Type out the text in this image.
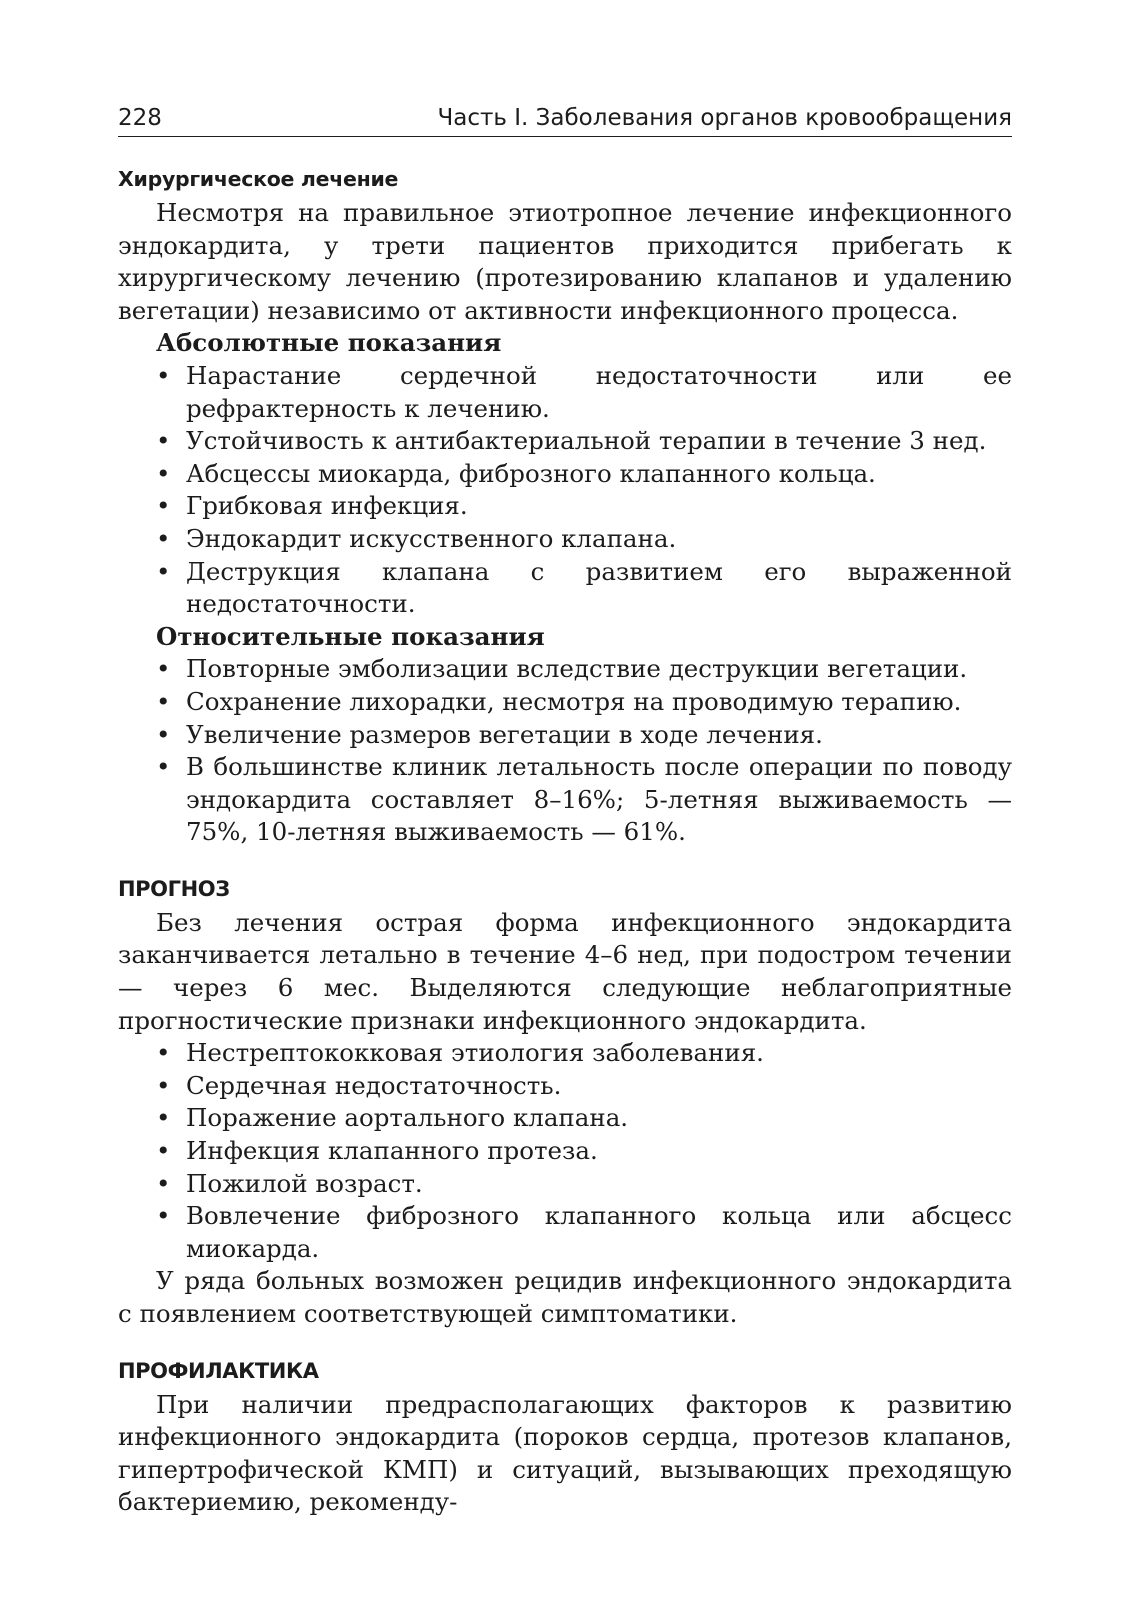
228	Часть I. Заболевания органов кровообращения
Хирургическое лечение

Несмотря на правильное этиотропное лечение инфекционного эндокардита, у трети пациентов приходится прибегать к хирургическому лечению (протезированию клапанов и удалению вегетации) независимо от активности инфекционного процесса.

Абсолютные показания
• Нарастание сердечной недостаточности или ее рефрактерность к лечению.
• Устойчивость к антибактериальной терапии в течение 3 нед.
• Абсцессы миокарда, фиброзного клапанного кольца.
• Грибковая инфекция.
• Эндокардит искусственного клапана.
• Деструкция клапана с развитием его выраженной недостаточности.
Относительные показания
• Повторные эмболизации вследствие деструкции вегетации.
• Сохранение лихорадки, несмотря на проводимую терапию.
• Увеличение размеров вегетации в ходе лечения.
• В большинстве клиник летальность после операции по поводу эндокардита составляет 8–16%; 5-летняя выживаемость — 75%, 10-летняя выживаемость — 61%.
ПРОГНОЗ

Без лечения острая форма инфекционного эндокардита заканчивается летально в течение 4–6 нед, при подостром течении — через 6 мес. Выделяются следующие неблагоприятные прогностические признаки инфекционного эндокардита.

• Нестрептококковая этиология заболевания.
• Сердечная недостаточность.
• Поражение аортального клапана.
• Инфекция клапанного протеза.
• Пожилой возраст.
• Вовлечение фиброзного клапанного кольца или абсцесс миокарда.

У ряда больных возможен рецидив инфекционного эндокардита с появлением соответствующей симптоматики.

ПРОФИЛАКТИКА

При наличии предрасполагающих факторов к развитию инфекционного эндокардита (пороков сердца, протезов клапанов, гипертрофической КМП) и ситуаций, вызывающих преходящую бактериемию, рекоменду-
